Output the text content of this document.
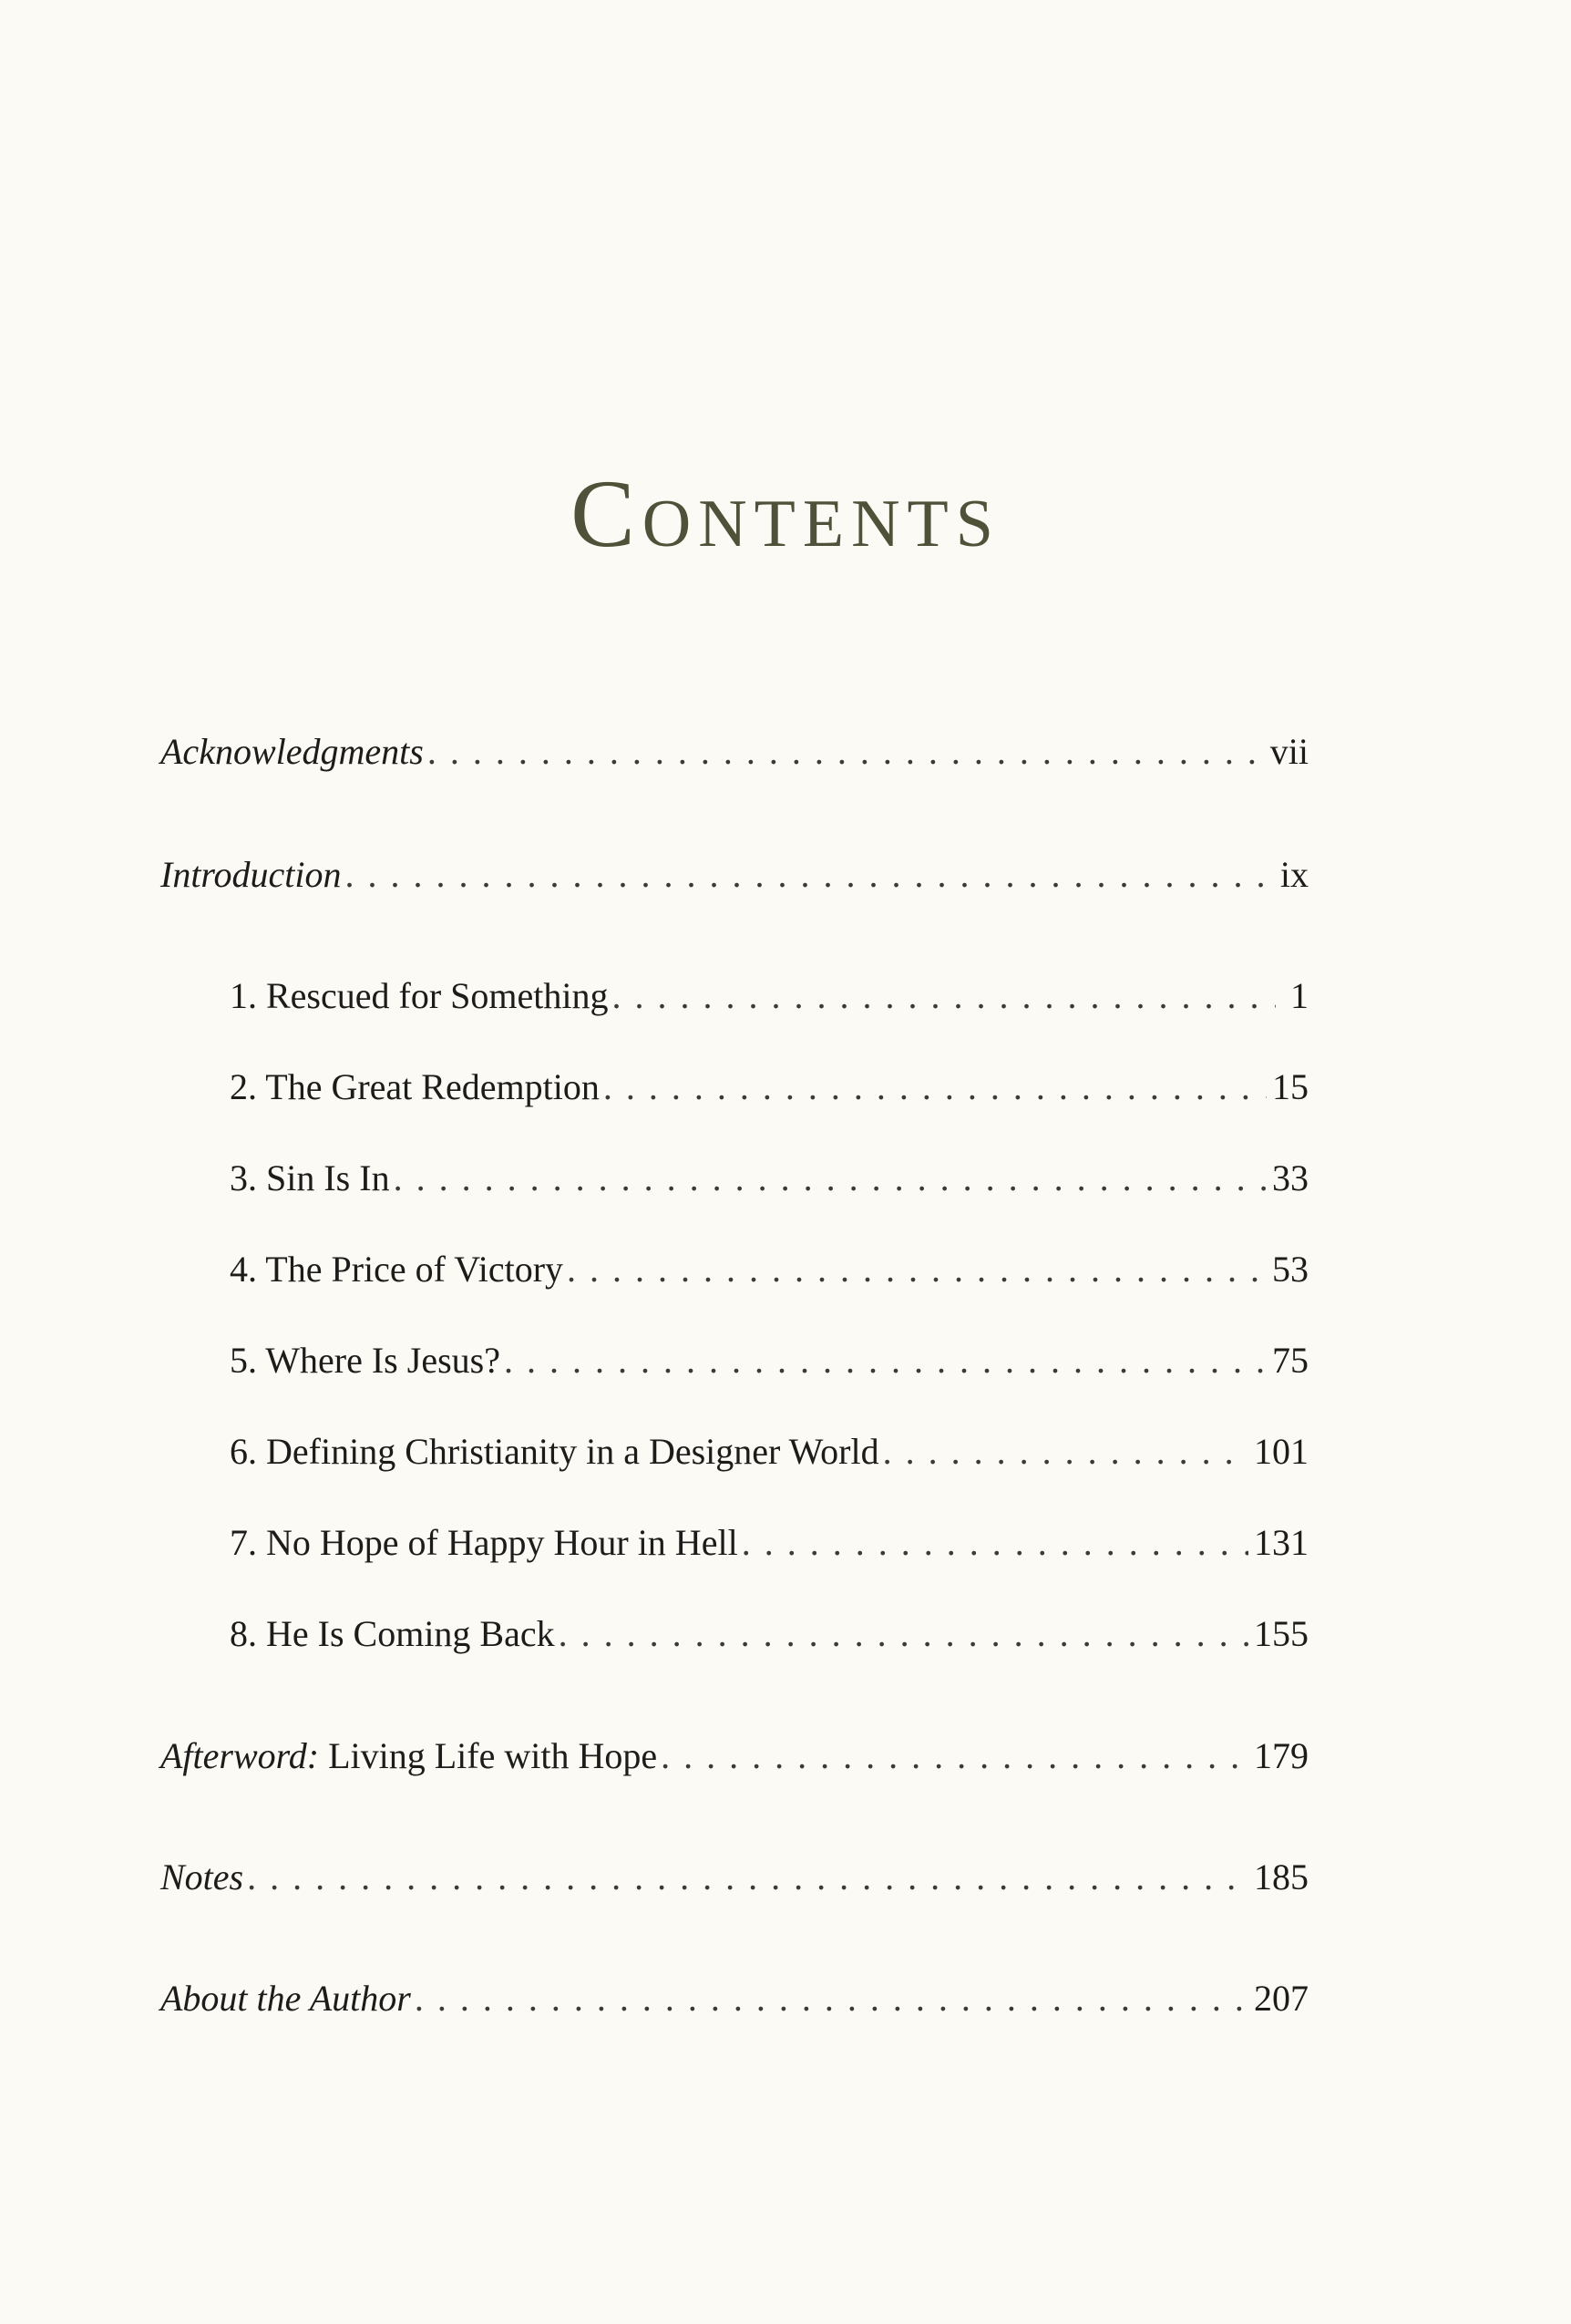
Contents
Acknowledgments . . .	vii
Introduction . . .	ix
1. Rescued for Something . . .	1
2. The Great Redemption . . .	15
3. Sin Is In . . .	33
4. The Price of Victory . . .	53
5. Where Is Jesus? . . .	75
6. Defining Christianity in a Designer World . . .	101
7. No Hope of Happy Hour in Hell . . .	131
8. He Is Coming Back . . .	155
Afterword: Living Life with Hope . . .	179
Notes . . .	185
About the Author . . .	207
